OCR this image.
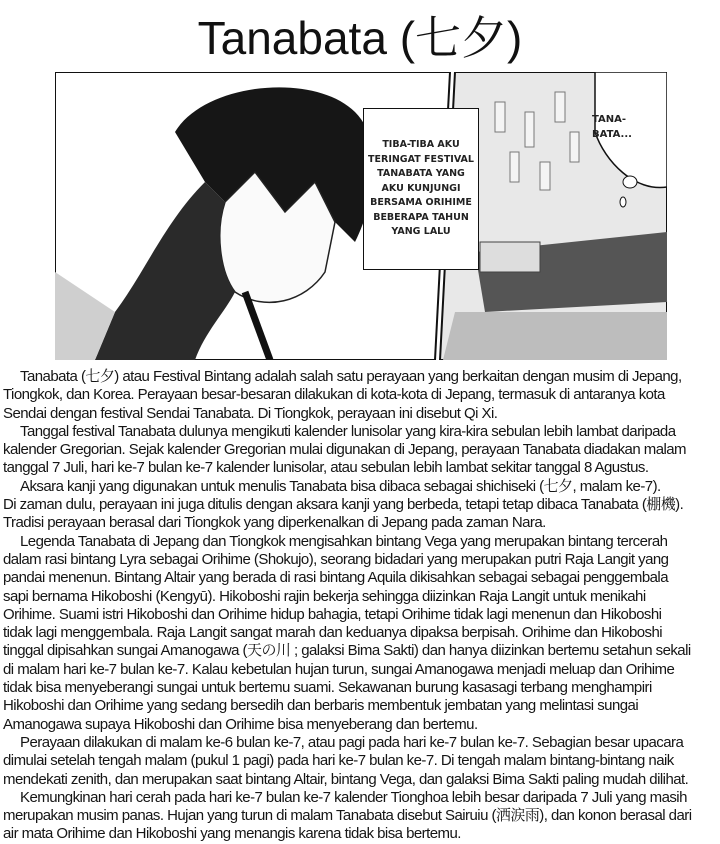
Tanabata (七夕)
TIBA-TIBA AKU
TERINGAT FESTIVAL
TANABATA YANG
AKU KUNJUNGI
BERSAMA ORIHIME
BEBERAPA TAHUN
YANG LALU
TANA-
BATA...
Tanabata (七夕) atau Festival Bintang adalah salah satu perayaan yang berkaitan dengan musim di Jepang,
Tiongkok, dan Korea. Perayaan besar-besaran dilakukan di kota-kota di Jepang, termasuk di antaranya kota
Sendai dengan festival Sendai Tanabata. Di Tiongkok, perayaan ini disebut Qi Xi.
Tanggal festival Tanabata dulunya mengikuti kalender lunisolar yang kira-kira sebulan lebih lambat daripada
kalender Gregorian. Sejak kalender Gregorian mulai digunakan di Jepang, perayaan Tanabata diadakan malam
tanggal 7 Juli, hari ke-7 bulan ke-7 kalender lunisolar, atau sebulan lebih lambat sekitar tanggal 8 Agustus.
Aksara kanji yang digunakan untuk menulis Tanabata bisa dibaca sebagai shichiseki (七夕, malam ke-7).
Di zaman dulu, perayaan ini juga ditulis dengan aksara kanji yang berbeda, tetapi tetap dibaca Tanabata (棚機).
Tradisi perayaan berasal dari Tiongkok yang diperkenalkan di Jepang pada zaman Nara.
Legenda Tanabata di Jepang dan Tiongkok mengisahkan bintang Vega yang merupakan bintang tercerah
dalam rasi bintang Lyra sebagai Orihime (Shokujo), seorang bidadari yang merupakan putri Raja Langit yang
pandai menenun. Bintang Altair yang berada di rasi bintang Aquila dikisahkan sebagai sebagai penggembala
sapi bernama Hikoboshi (Kengyū). Hikoboshi rajin bekerja sehingga diizinkan Raja Langit untuk menikahi
Orihime. Suami istri Hikoboshi dan Orihime hidup bahagia, tetapi Orihime tidak lagi menenun dan Hikoboshi
tidak lagi menggembala. Raja Langit sangat marah dan keduanya dipaksa berpisah. Orihime dan Hikoboshi
tinggal dipisahkan sungai Amanogawa (天の川 ; galaksi Bima Sakti) dan hanya diizinkan bertemu setahun sekali
di malam hari ke-7 bulan ke-7. Kalau kebetulan hujan turun, sungai Amanogawa menjadi meluap dan Orihime
tidak bisa menyeberangi sungai untuk bertemu suami. Sekawanan burung kasasagi terbang menghampiri
Hikoboshi dan Orihime yang sedang bersedih dan berbaris membentuk jembatan yang melintasi sungai
Amanogawa supaya Hikoboshi dan Orihime bisa menyeberang dan bertemu.
Perayaan dilakukan di malam ke-6 bulan ke-7, atau pagi pada hari ke-7 bulan ke-7. Sebagian besar upacara
dimulai setelah tengah malam (pukul 1 pagi) pada hari ke-7 bulan ke-7. Di tengah malam bintang-bintang naik
mendekati zenith, dan merupakan saat bintang Altair, bintang Vega, dan galaksi Bima Sakti paling mudah dilihat.
Kemungkinan hari cerah pada hari ke-7 bulan ke-7 kalender Tionghoa lebih besar daripada 7 Juli yang masih
merupakan musim panas. Hujan yang turun di malam Tanabata disebut Sairuiu (洒涙雨), dan konon berasal dari
air mata Orihime dan Hikoboshi yang menangis karena tidak bisa bertemu.
